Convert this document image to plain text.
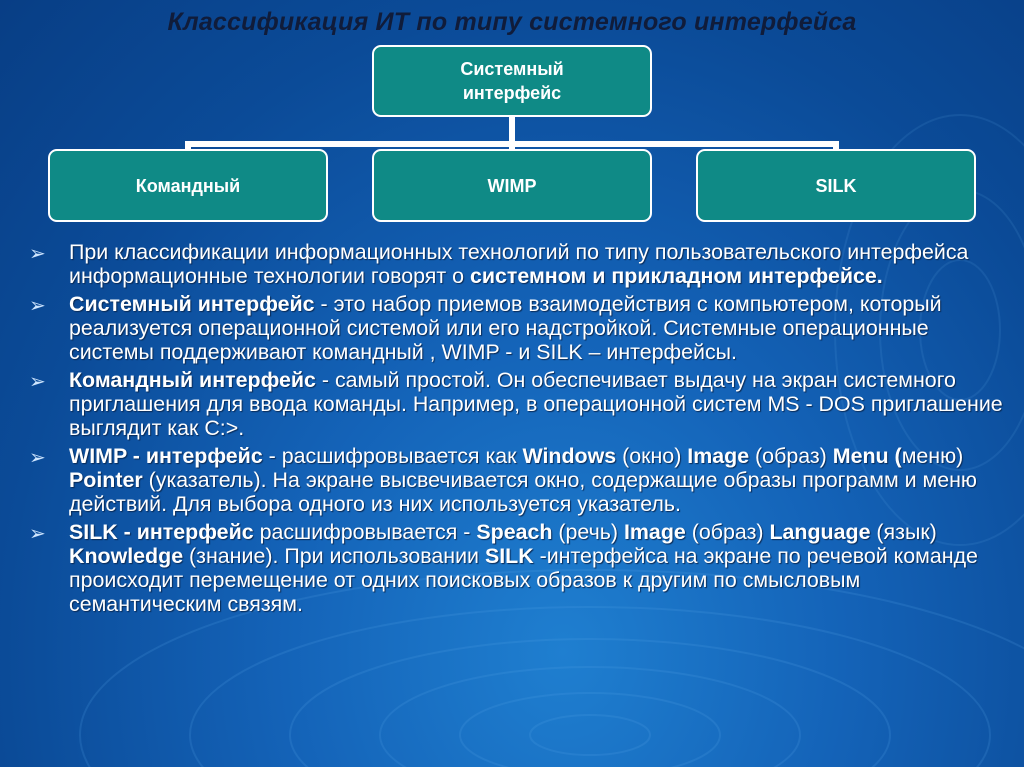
Классификация ИТ по типу системного интерфейса
Системный
интерфейс
Командный	WIMP	SILK
➢ При классификации информационных технологий по типу пользовательского интерфейса информационные технологии говорят о системном и прикладном интерфейсе.
➢ Системный интерфейс - это набор приемов взаимодействия с компьютером, который реализуется операционной системой или его надстройкой. Системные операционные системы поддерживают командный , WIMP - и SILK – интерфейсы.
➢ Командный интерфейс - самый простой. Он обеспечивает выдачу на экран системного приглашения для ввода команды. Например, в операционной систем MS - DOS приглашение выглядит как С:>.
➢ WIMP - интерфейс - расшифровывается как Windows (окно) Image (образ) Menu (меню) Pointer (указатель). На экране высвечивается окно, содержащие образы программ и меню действий. Для выбора одного из них используется указатель.
➢ SILK - интерфейс расшифровывается - Speach (речь) Image (образ) Language (язык) Knowledge (знание). При использовании SILK -интерфейса на экране по речевой команде происходит перемещение от одних поисковых образов к другим по смысловым семантическим связям.
